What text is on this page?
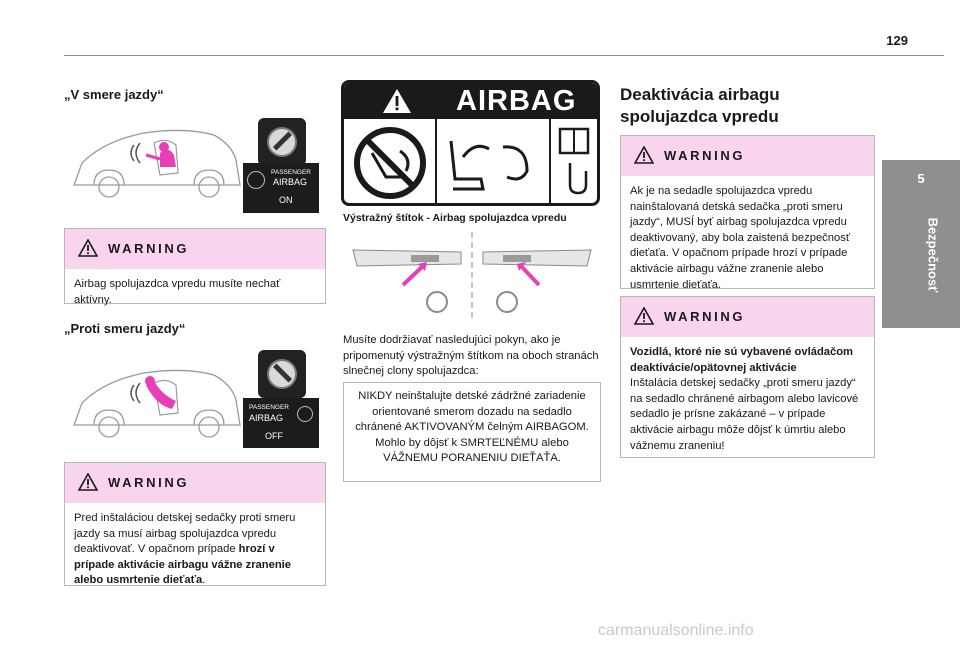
129
5
Bezpečnosť
„V smere jazdy“
PASSENGER
AIRBAG
ON
WARNING
Airbag spolujazdca vpredu musíte nechať aktívny.
„Proti smeru jazdy“
PASSENGER
AIRBAG
OFF
WARNING
Pred inštaláciou detskej sedačky proti smeru jazdy sa musí airbag spolujazdca vpredu deaktivovať. V opačnom prípade hrozí v prípade aktivácie airbagu vážne zranenie alebo usmrtenie dieťaťa.
AIRBAG
Výstražný štítok - Airbag spolujazdca vpredu
Musíte dodržiavať nasledujúci pokyn, ako je pripomenutý výstražným štítkom na oboch stranách slnečnej clony spolujazdca:
NIKDY neinštalujte detské zádržné zariadenie orientované smerom dozadu na sedadlo chránené AKTIVOVANÝM čelným AIRBAGOM. Mohlo by dôjsť k SMRTEĽNÉMU alebo VÁŽNEMU PORANENIU DIEŤAŤA.
Deaktivácia airbagu spolujazdca vpredu
WARNING
Ak je na sedadle spolujazdca vpredu nainštalovaná detská sedačka „proti smeru jazdy“, MUSÍ byť airbag spolujazdca vpredu deaktivovaný, aby bola zaistená bezpečnosť dieťaťa. V opačnom prípade hrozí v prípade aktivácie airbagu vážne zranenie alebo usmrtenie dieťaťa.
WARNING
Vozidlá, ktoré nie sú vybavené ovládačom deaktivácie/opätovnej aktivácie
Inštalácia detskej sedačky „proti smeru jazdy“ na sedadlo chránené airbagom alebo lavicové sedadlo je prísne zakázané – v prípade aktivácie airbagu môže dôjsť k úmrtiu alebo vážnemu zraneniu!
carmanualsonline.info
